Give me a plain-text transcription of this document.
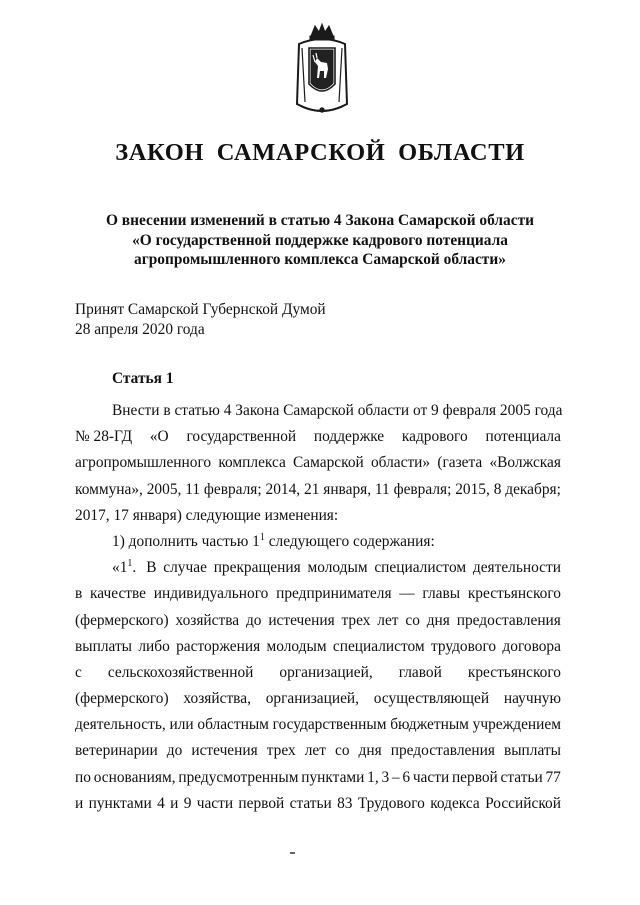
ЗАКОН САМАРСКОЙ ОБЛАСТИ
О внесении изменений в статью 4 Закона Самарской области
«О государственной поддержке кадрового потенциала
агропромышленного комплекса Самарской области»
Принят Самарской Губернской Думой
28 апреля 2020 года
Статья 1
Внести в статью 4 Закона Самарской области от 9 февраля 2005 года
№ 28-ГД «О государственной поддержке кадрового потенциала
агропромышленного комплекса Самарской области» (газета «Волжская
коммуна», 2005, 11 февраля; 2014, 21 января, 11 февраля; 2015, 8 декабря;
2017, 17 января) следующие изменения:
1) дополнить частью $1^1$ следующего содержания:
«$1^1$. В случае прекращения молодым специалистом деятельности
в качестве индивидуального предпринимателя — главы крестьянского
(фермерского) хозяйства до истечения трех лет со дня предоставления
выплаты либо расторжения молодым специалистом трудового договора
с сельскохозяйственной организацией, главой крестьянского
(фермерского) хозяйства, организацией, осуществляющей научную
деятельность, или областным государственным бюджетным учреждением
ветеринарии до истечения трех лет со дня предоставления выплаты
по основаниям, предусмотренным пунктами 1, 3 – 6 части первой статьи 77
и пунктами 4 и 9 части первой статьи 83 Трудового кодекса Российской
